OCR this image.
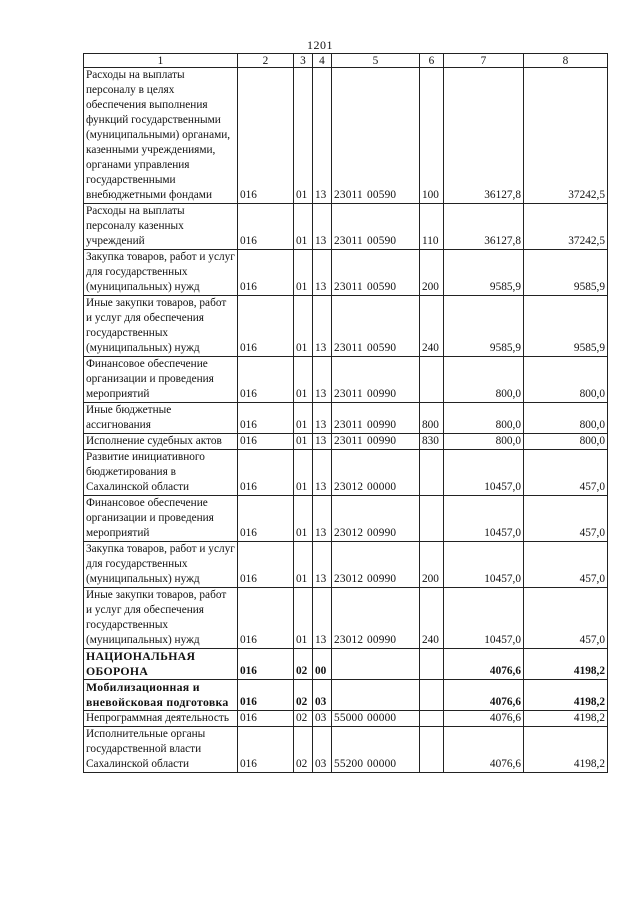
1201
1	2	3	4	5	6	7	8
Расходы на выплаты персоналу в целях обеспечения выполнения функций государственными (муниципальными) органами, казенными учреждениями, органами управления государственными внебюджетными фондами	016	01	13	23011 00590	100	36127,8	37242,5
Расходы на выплаты персоналу казенных учреждений	016	01	13	23011 00590	110	36127,8	37242,5
Закупка товаров, работ и услуг для государственных (муниципальных) нужд	016	01	13	23011 00590	200	9585,9	9585,9
Иные закупки товаров, работ и услуг для обеспечения государственных (муниципальных) нужд	016	01	13	23011 00590	240	9585,9	9585,9
Финансовое обеспечение организации и проведения мероприятий	016	01	13	23011 00990		800,0	800,0
Иные бюджетные ассигнования	016	01	13	23011 00990	800	800,0	800,0
Исполнение судебных актов	016	01	13	23011 00990	830	800,0	800,0
Развитие инициативного бюджетирования в Сахалинской области	016	01	13	23012 00000		10457,0	457,0
Финансовое обеспечение организации и проведения мероприятий	016	01	13	23012 00990		10457,0	457,0
Закупка товаров, работ и услуг для государственных (муниципальных) нужд	016	01	13	23012 00990	200	10457,0	457,0
Иные закупки товаров, работ и услуг для обеспечения государственных (муниципальных) нужд	016	01	13	23012 00990	240	10457,0	457,0
НАЦИОНАЛЬНАЯ ОБОРОНА	016	02	00			4076,6	4198,2
Мобилизационная и вневойсковая подготовка	016	02	03			4076,6	4198,2
Непрограммная деятельность	016	02	03	55000 00000		4076,6	4198,2
Исполнительные органы государственной власти Сахалинской области	016	02	03	55200 00000		4076,6	4198,2
